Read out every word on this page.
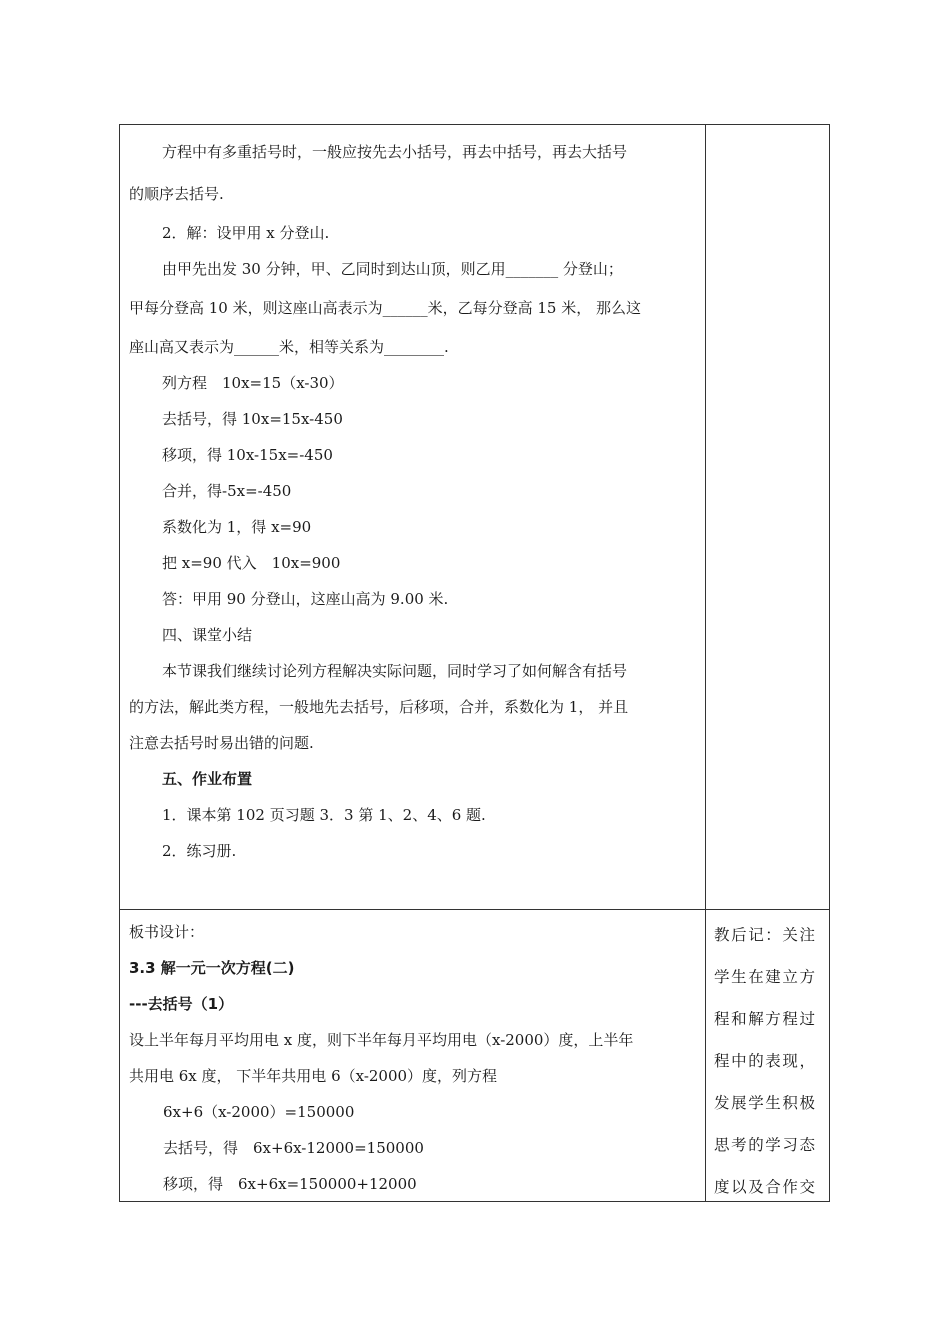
方程中有多重括号时，一般应按先去小括号，再去中括号，再去大括号
的顺序去括号.
2．解：设甲用 x 分登山.
由甲先出发 30 分钟，甲、乙同时到达山顶，则乙用_______ 分登山；
甲每分登高 10 米，则这座山高表示为______米，乙每分登高 15 米， 那么这
座山高又表示为______米，相等关系为________.
列方程　10x=15（x-30）
去括号，得 10x=15x-450
移项，得 10x-15x=-450
合并，得-5x=-450
系数化为 1，得 x=90
把 x=90 代入　10x=900
答：甲用 90 分登山，这座山高为 9.00 米.
四、课堂小结
本节课我们继续讨论列方程解决实际问题，同时学习了如何解含有括号
的方法，解此类方程，一般地先去括号，后移项，合并，系数化为 1， 并且
注意去括号时易出错的问题.
五、作业布置
1．课本第 102 页习题 3．3 第 1、2、4、6 题.
2．练习册.
板书设计：
3.3 解一元一次方程(二)
---去括号（1）
设上半年每月平均用电 x 度，则下半年每月平均用电（x-2000）度，上半年
共用电 6x 度， 下半年共用电 6（x-2000）度，列方程
6x+6（x-2000）=150000
去括号，得　6x+6x-12000=150000
移项，得　6x+6x=150000+12000
教后记：关注
学生在建立方
程和解方程过
程中的表现，
发展学生积极
思考的学习态
度以及合作交
